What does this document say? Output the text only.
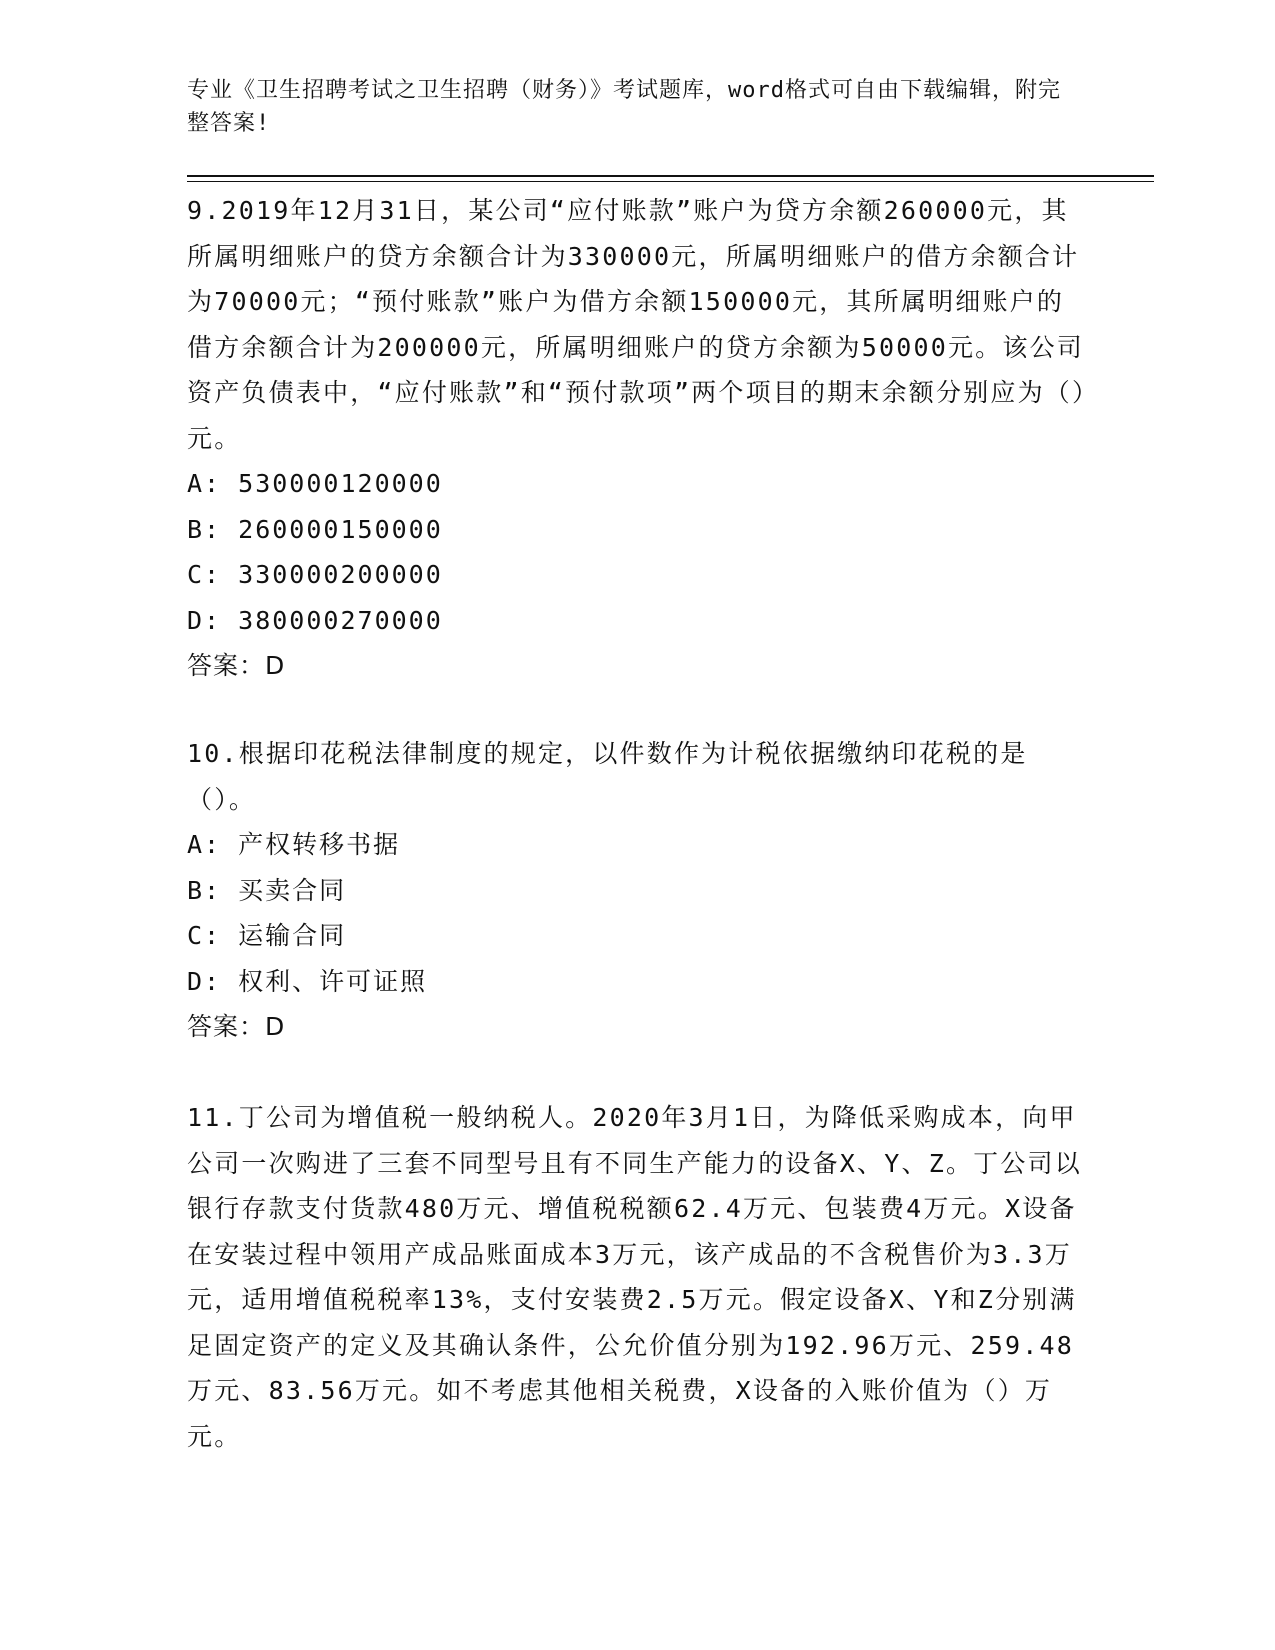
专业《卫生招聘考试之卫生招聘（财务）》考试题库，word格式可自由下载编辑，附完整答案!

9.2019年12月31日，某公司“应付账款”账户为贷方余额260000元，其所属明细账户的贷方余额合计为330000元，所属明细账户的借方余额合计为70000元；“预付账款”账户为借方余额150000元，其所属明细账户的借方余额合计为200000元，所属明细账户的贷方余额为50000元。该公司资产负债表中，“应付账款”和“预付款项”两个项目的期末余额分别应为（）元。

A: 530000120000

B: 260000150000

C: 330000200000

D: 380000270000

答案：D

10.根据印花税法律制度的规定，以件数作为计税依据缴纳印花税的是（）。

A: 产权转移书据

B: 买卖合同

C: 运输合同

D: 权利、许可证照

答案：D

11.丁公司为增值税一般纳税人。2020年3月1日，为降低采购成本，向甲公司一次购进了三套不同型号且有不同生产能力的设备X、Y、Z。丁公司以银行存款支付货款480万元、增值税税额62.4万元、包装费4万元。X设备在安装过程中领用产成品账面成本3万元，该产成品的不含税售价为3.3万元，适用增值税税率13%，支付安装费2.5万元。假定设备X、Y和Z分别满足固定资产的定义及其确认条件，公允价值分别为192.96万元、259.48万元、83.56万元。如不考虑其他相关税费，X设备的入账价值为（）万元。
